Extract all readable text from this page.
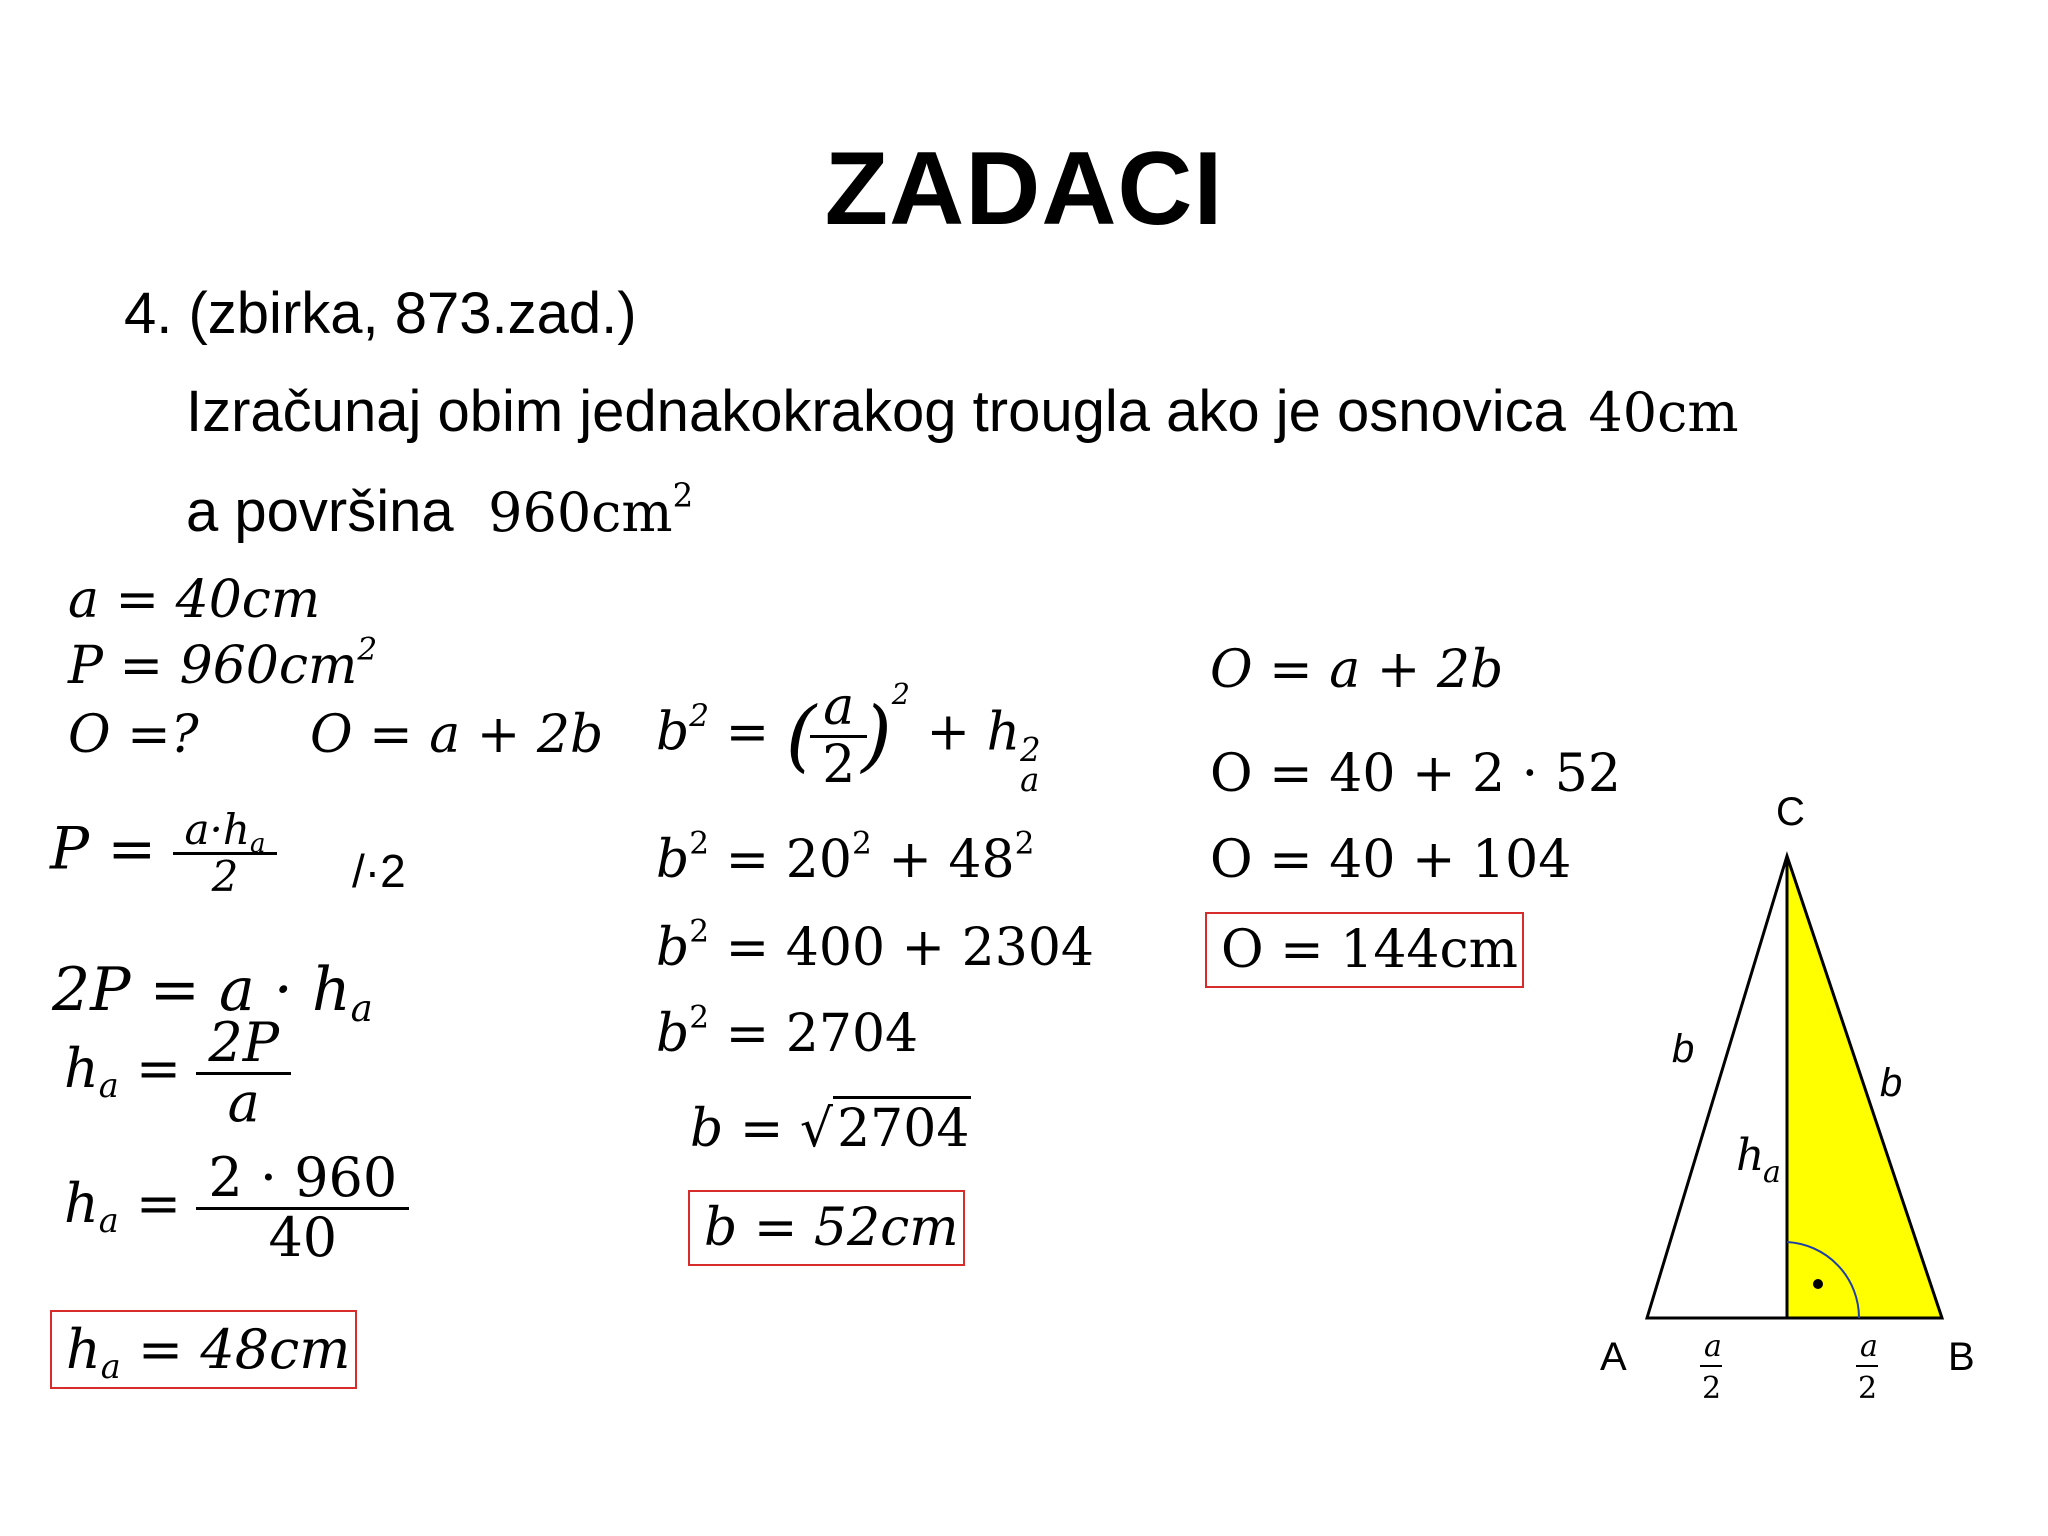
ZADACI
4. (zbirka, 873.zad.)
Izračunaj obim jednakokrakog trougla ako je osnovica 40cm
a površina $960cm^2$
a = 40cm
$P = 960cm^2$
O =? O = a + 2b
$P = \frac{a\cdot h_a}{2} /\cdot 2$
$2P = a \cdot h_a$
$h_a = \frac{2P}{a}$
$h_a = \frac{2 \cdot 960}{40}$
$h_a = 48cm$
$b^2$ = ( $\frac{a}{2} )^2 + h$ 2
a
$b^2 = 20^2 + 48^2$
$b^2 = 400 + 2304$
$b^2 = 2704$
b = √2704
b = 52cm
O = a + 2b
O = 40 + 2 · 52
O = 40 + 104
O = 144cm
C
A	B
b
b
h
a
a
2
a
2
